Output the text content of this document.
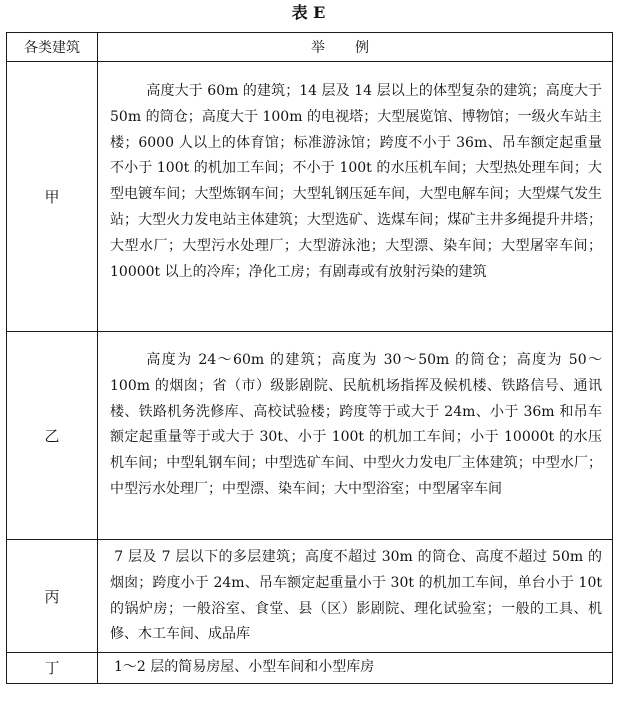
表 E
各类建筑	举例
甲	高度大于 60m 的建筑；14 层及 14 层以上的体型复杂的建筑；高度大于 50m 的筒仓；高度大于 100m 的电视塔；大型展览馆、博物馆；一级火车站主楼；6000 人以上的体育馆；标准游泳馆；跨度不小于 36m、吊车额定起重量不小于 100t 的机加工车间；不小于 100t 的水压机车间；大型热处理车间；大型电镀车间；大型炼钢车间；大型轧钢压延车间，大型电解车间；大型煤气发生站；大型火力发电站主体建筑；大型选矿、选煤车间；煤矿主井多绳提升井塔；大型水厂；大型污水处理厂；大型游泳池；大型漂、染车间；大型屠宰车间；10000t 以上的冷库；净化工房；有剧毒或有放射污染的建筑

乙	高度为 24～60m 的建筑；高度为 30～50m 的筒仓；高度为 50～100m 的烟囱；省（市）级影剧院、民航机场指挥及候机楼、铁路信号、通讯楼、铁路机务洗修库、高校试验楼；跨度等于或大于 24m、小于 36m 和吊车额定起重量等于或大于 30t、小于 100t 的机加工车间；小于 10000t 的水压机车间；中型轧钢车间；中型选矿车间、中型火力发电厂主体建筑；中型水厂；中型污水处理厂；中型漂、染车间；大中型浴室；中型屠宰车间

丙	7 层及 7 层以下的多层建筑；高度不超过 30m 的筒仓、高度不超过 50m 的烟囱；跨度小于 24m、吊车额定起重量小于 30t 的机加工车间，单台小于 10t 的锅炉房；一般浴室、食堂、县（区）影剧院、理化试验室；一般的工具、机修、木工车间、成品库

丁	1～2 层的简易房屋、小型车间和小型库房
